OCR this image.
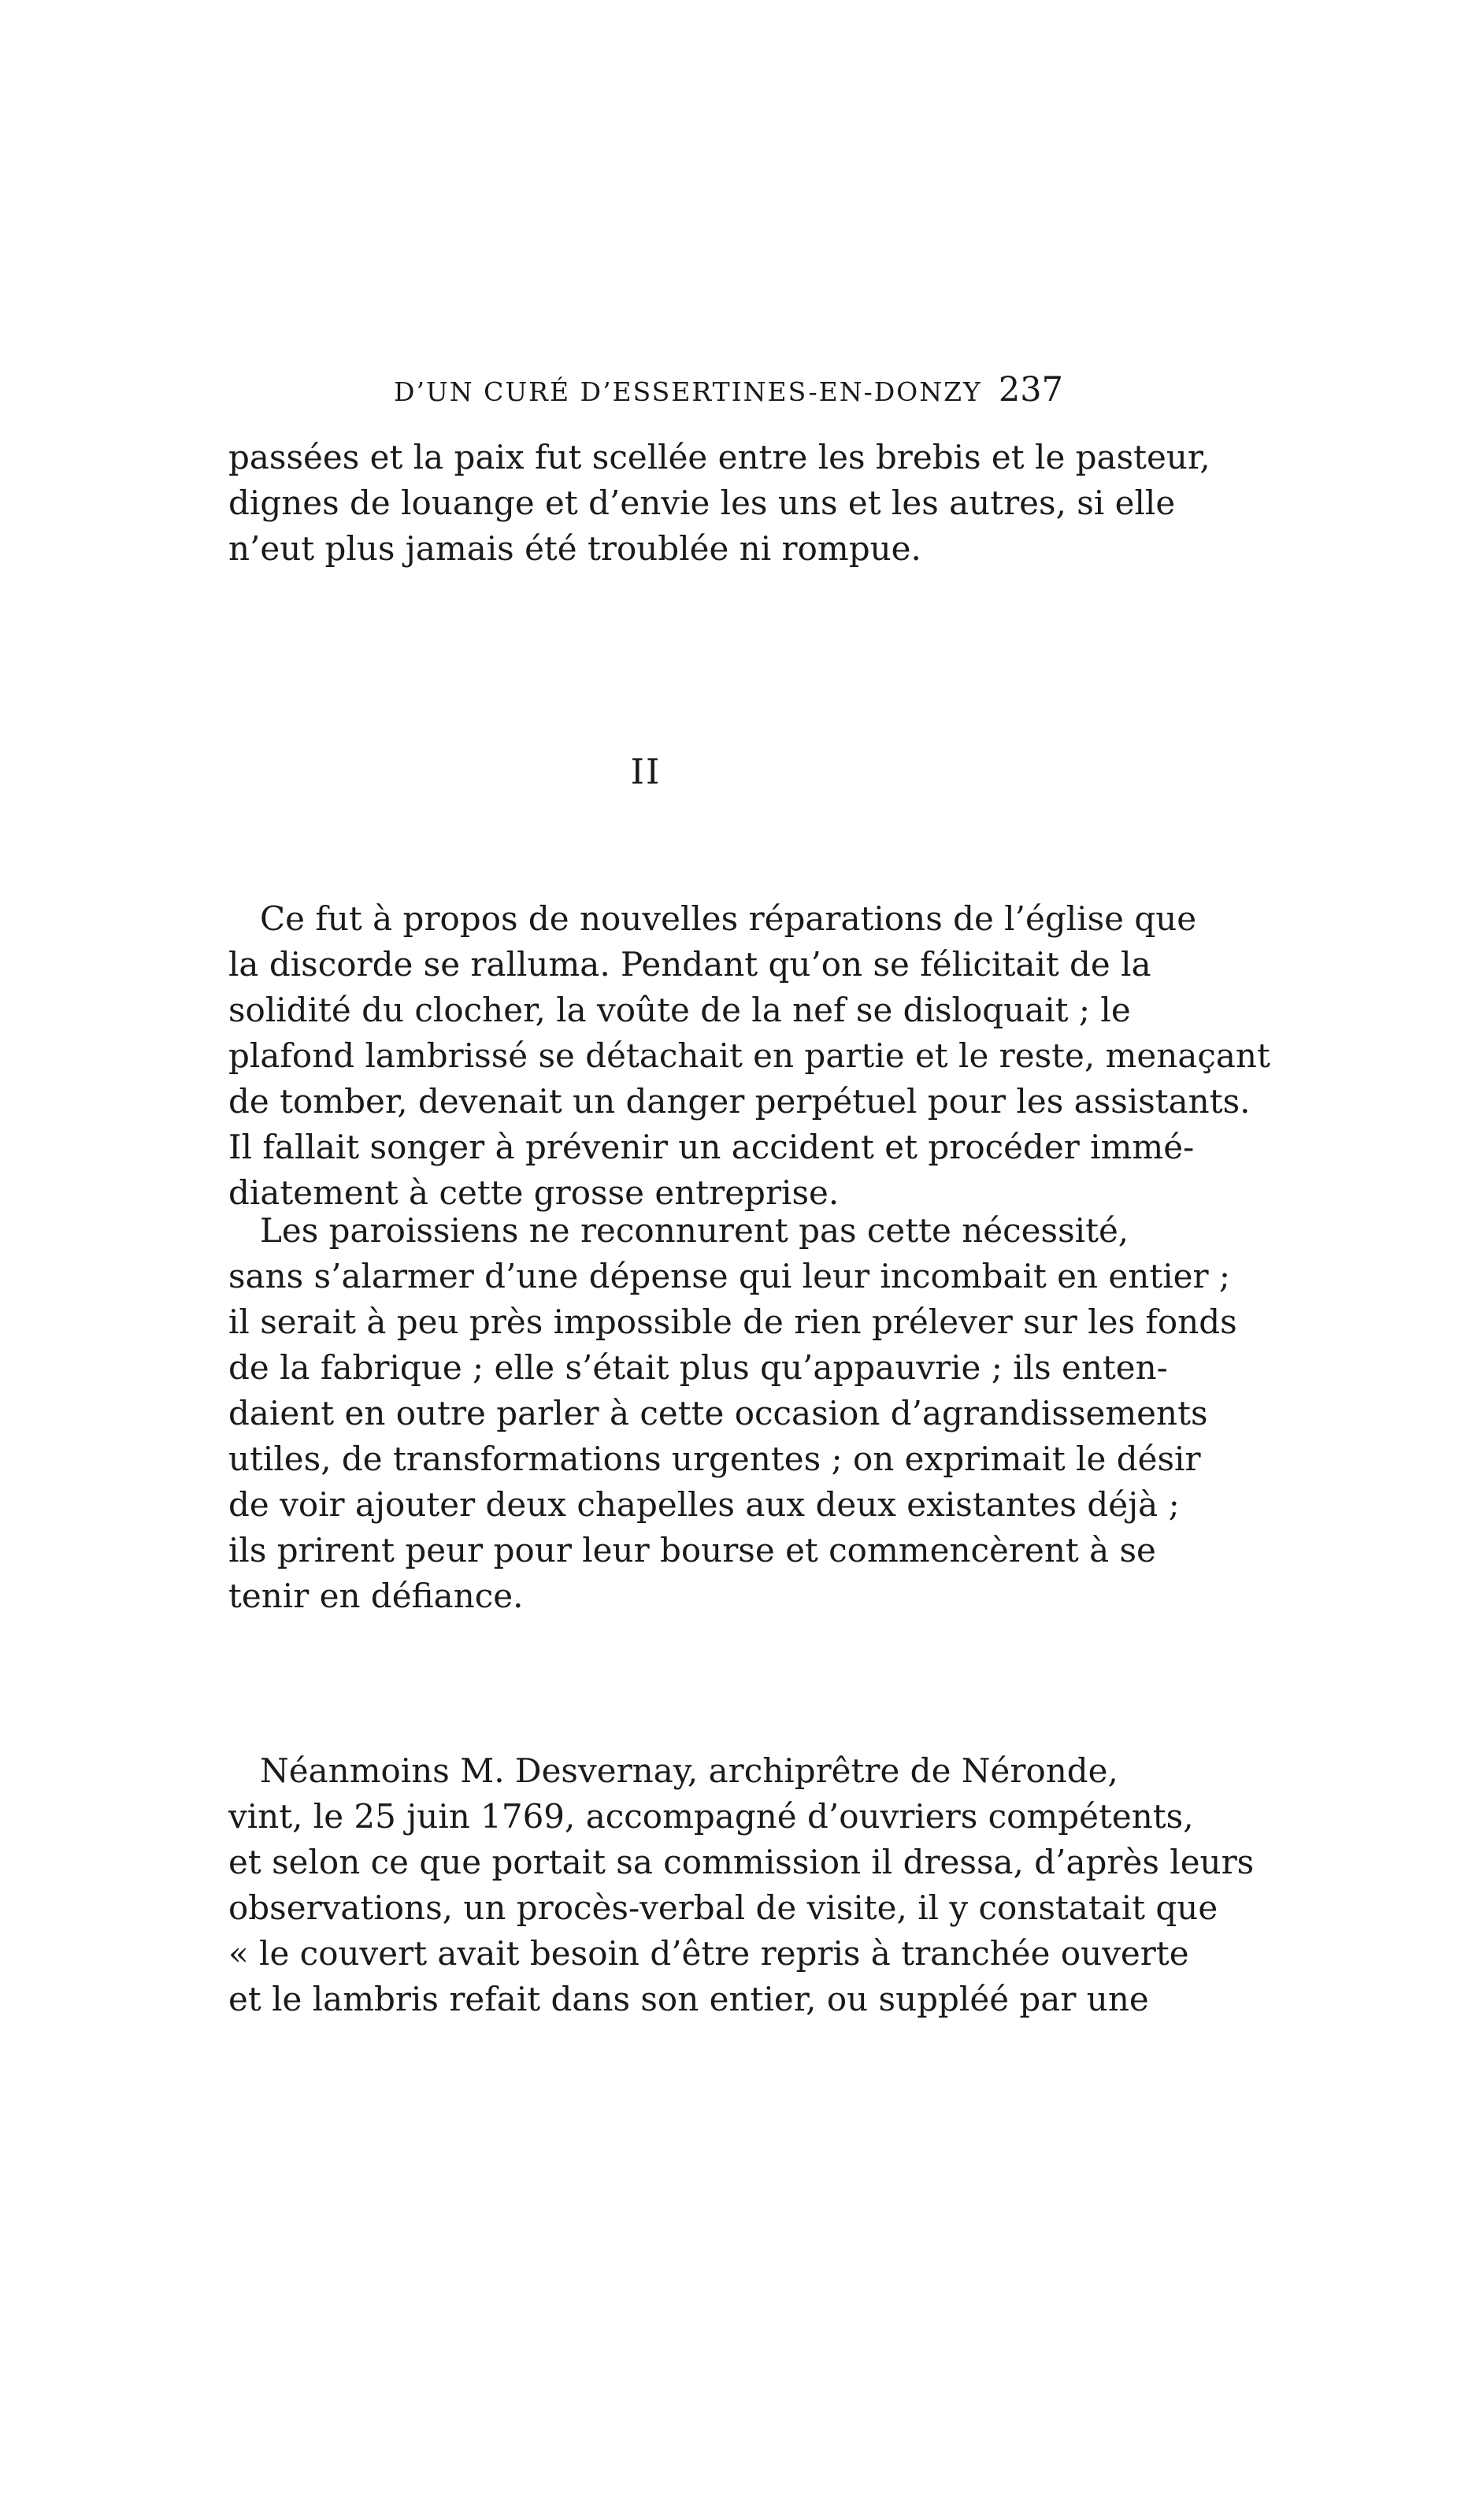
D’UN CURÉ D’ESSERTINES-EN-DONZY 237
passées et la paix fut scellée entre les brebis et le pasteur,
dignes de louange et d’envie les uns et les autres, si elle
n’eut plus jamais été troublée ni rompue.
II
Ce fut à propos de nouvelles réparations de l’église que
la discorde se ralluma. Pendant qu’on se félicitait de la
solidité du clocher, la voûte de la nef se disloquait ; le
plafond lambrissé se détachait en partie et le reste, menaçant
de tomber, devenait un danger perpétuel pour les assistants.
Il fallait songer à prévenir un accident et procéder immé-
diatement à cette grosse entreprise.
Les paroissiens ne reconnurent pas cette nécessité,
sans s’alarmer d’une dépense qui leur incombait en entier ;
il serait à peu près impossible de rien prélever sur les fonds
de la fabrique ; elle s’était plus qu’appauvrie ; ils enten-
daient en outre parler à cette occasion d’agrandissements
utiles, de transformations urgentes ; on exprimait le désir
de voir ajouter deux chapelles aux deux existantes déjà ;
ils prirent peur pour leur bourse et commencèrent à se
tenir en défiance.
Néanmoins M. Desvernay, archiprêtre de Néronde,
vint, le 25 juin 1769, accompagné d’ouvriers compétents,
et selon ce que portait sa commission il dressa, d’après leurs
observations, un procès-verbal de visite, il y constatait que
« le couvert avait besoin d’être repris à tranchée ouverte
et le lambris refait dans son entier, ou suppléé par une
